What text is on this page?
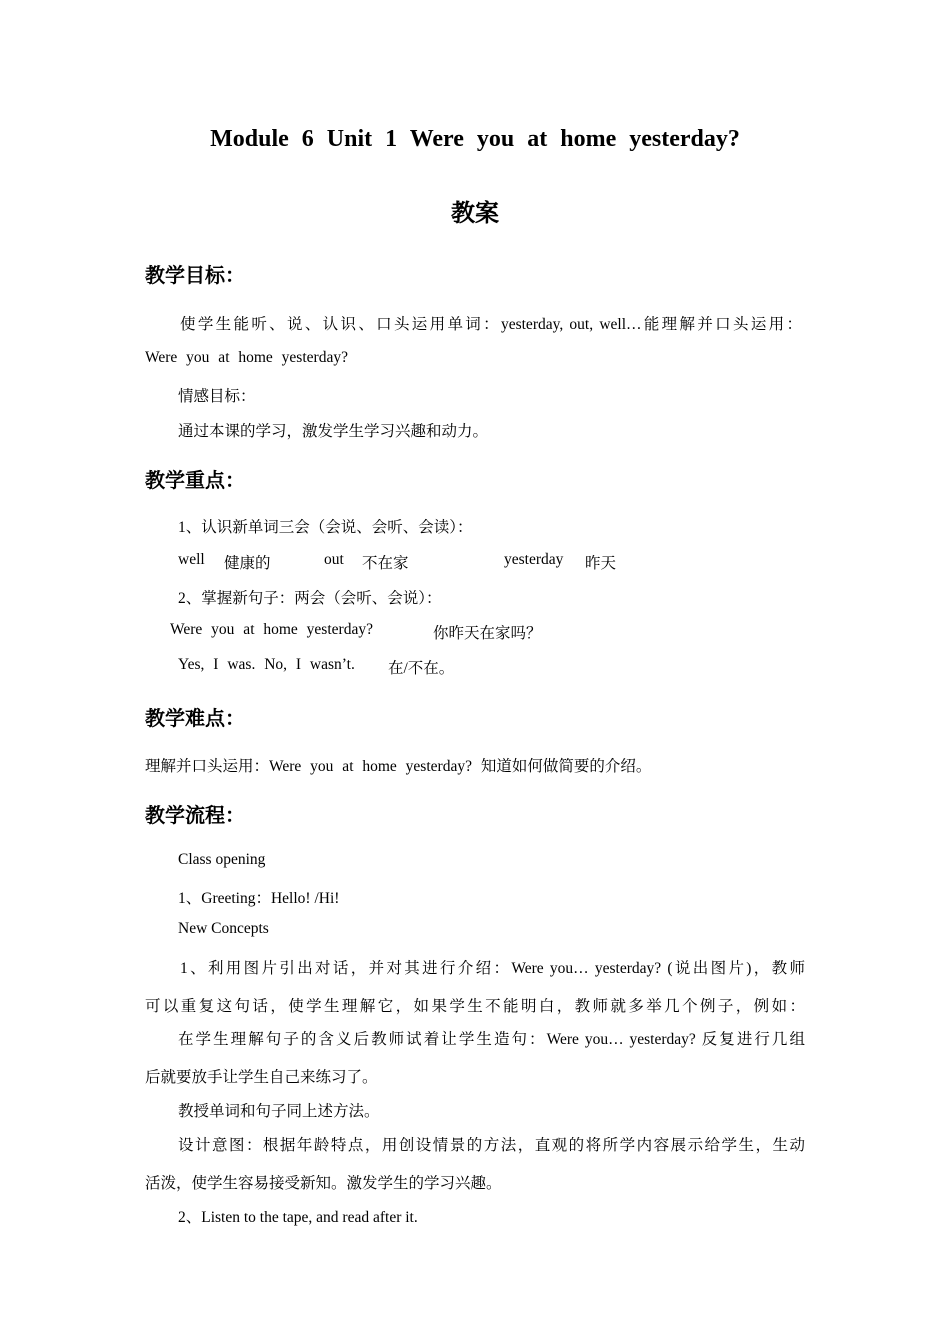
Module 6 Unit 1 Were you at home yesterday?
教案
教学目标：
使学生能听、说、认识、口头运用单词：yesterday, out, well…能理解并口头运用：
Were you at home yesterday?
情感目标：
通过本课的学习，激发学生学习兴趣和动力。
教学重点：
1、认识新单词三会（会说、会听、会读）：
well 健康的	out 不在家	yesterday 昨天
2、掌握新句子：两会（会听、会说）：
Were you at home yesterday?	你昨天在家吗？
Yes, I was. No, I wasn’t. 在/不在。
教学难点：
理解并口头运用：Were you at home yesterday? 知道如何做简要的介绍。
教学流程：
Class opening
1、Greeting：Hello! /Hi!
New Concepts
1、利用图片引出对话，并对其进行介绍：Were you… yesterday? (说出图片)，教师
可以重复这句话，使学生理解它，如果学生不能明白，教师就多举几个例子，例如：
在学生理解句子的含义后教师试着让学生造句：Were you… yesterday? 反复进行几组
后就要放手让学生自己来练习了。
教授单词和句子同上述方法。
设计意图：根据年龄特点，用创设情景的方法，直观的将所学内容展示给学生，生动
活泼，使学生容易接受新知。激发学生的学习兴趣。
2、Listen to the tape, and read after it.
